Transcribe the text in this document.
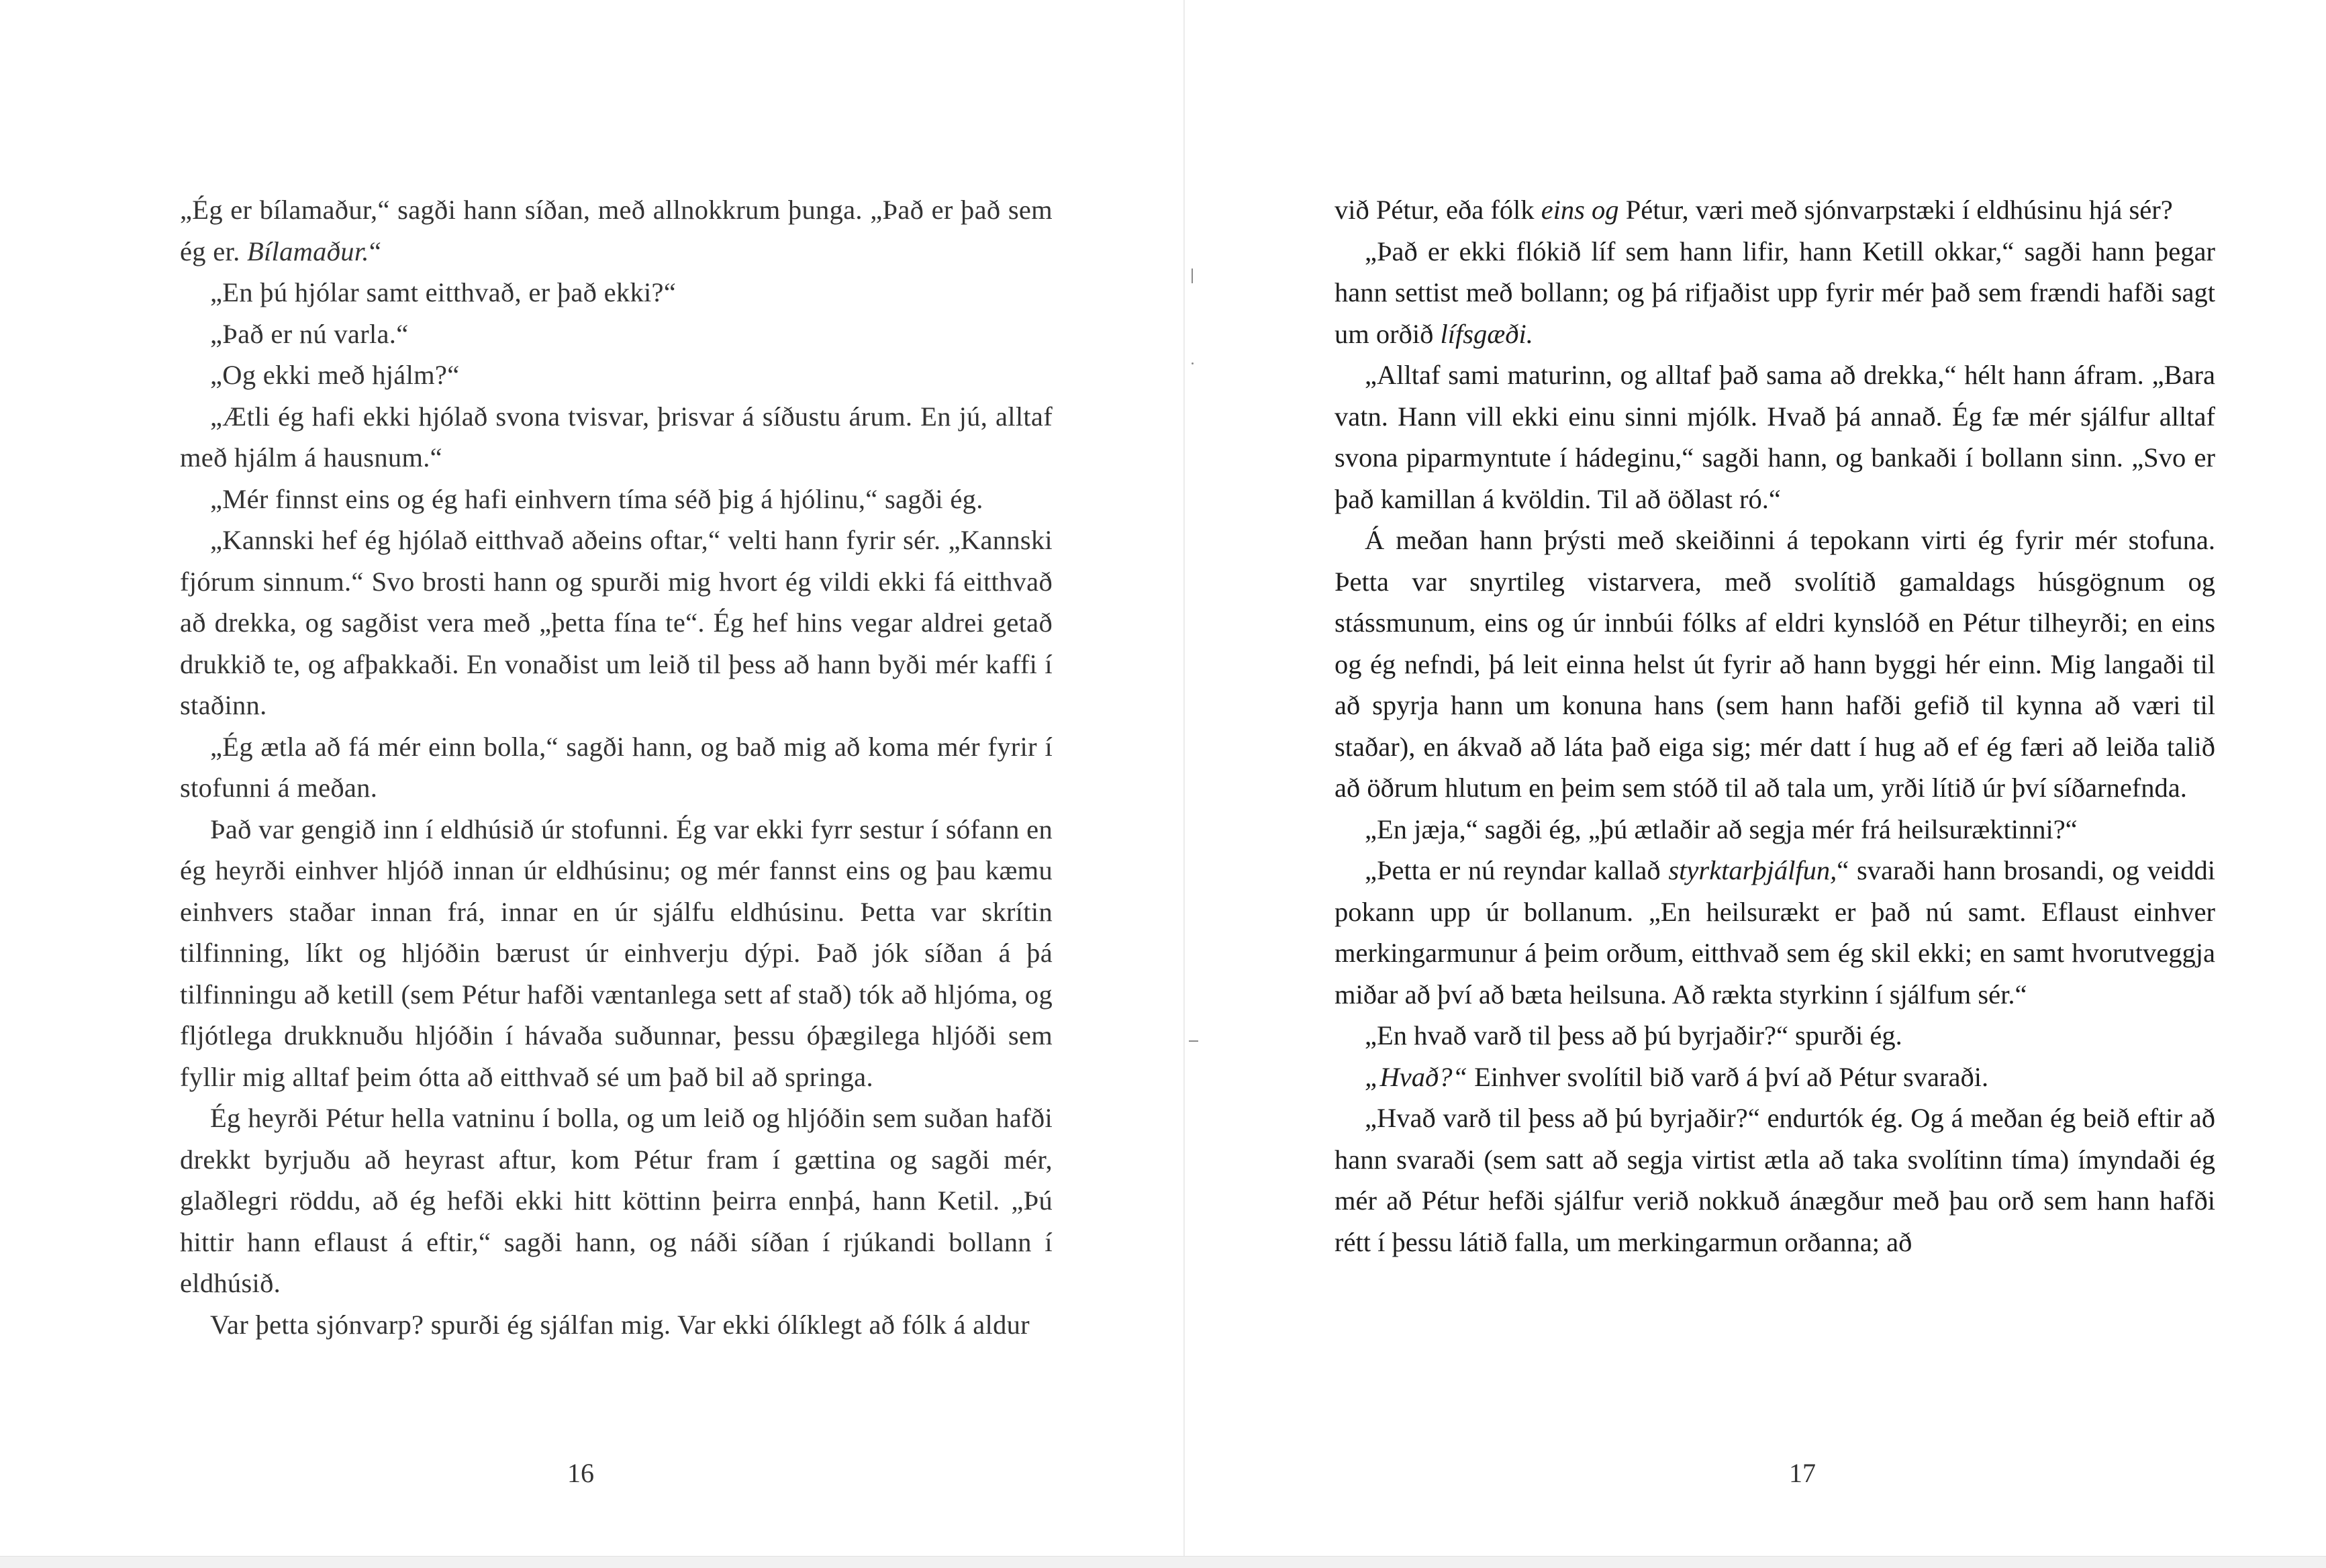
„Ég er bílamaður,“ sagði hann síðan, með allnokkrum þunga. „Það er það sem ég er. Bílamaður.“

„En þú hjólar samt eitthvað, er það ekki?“

„Það er nú varla.“

„Og ekki með hjálm?“

„Ætli ég hafi ekki hjólað svona tvisvar, þrisvar á síðustu árum. En jú, alltaf með hjálm á hausnum.“

„Mér finnst eins og ég hafi einhvern tíma séð þig á hjólinu,“ sagði ég.

„Kannski hef ég hjólað eitthvað aðeins oftar,“ velti hann fyrir sér. „Kannski fjórum sinnum.“ Svo brosti hann og spurði mig hvort ég vildi ekki fá eitthvað að drekka, og sagðist vera með „þetta fína te“. Ég hef hins vegar aldrei getað drukkið te, og afþakkaði. En vonaðist um leið til þess að hann byði mér kaffi í staðinn.

„Ég ætla að fá mér einn bolla,“ sagði hann, og bað mig að koma mér fyrir í stofunni á meðan.

Það var gengið inn í eldhúsið úr stofunni. Ég var ekki fyrr sestur í sófann en ég heyrði einhver hljóð innan úr eldhúsinu; og mér fannst eins og þau kæmu einhvers staðar innan frá, innar en úr sjálfu eldhúsinu. Þetta var skrítin tilfinning, líkt og hljóðin bærust úr einhverju dýpi. Það jók síðan á þá tilfinningu að ketill (sem Pétur hafði væntanlega sett af stað) tók að hljóma, og fljótlega drukknuðu hljóðin í hávaða suðunnar, þessu óþægilega hljóði sem fyllir mig alltaf þeim ótta að eitthvað sé um það bil að springa.

Ég heyrði Pétur hella vatninu í bolla, og um leið og hljóðin sem suðan hafði drekkt byrjuðu að heyrast aftur, kom Pétur fram í gættina og sagði mér, glaðlegri röddu, að ég hefði ekki hitt köttinn þeirra ennþá, hann Ketil. „Þú hittir hann eflaust á eftir,“ sagði hann, og náði síðan í rjúkandi bollann í eldhúsið.

Var þetta sjónvarp? spurði ég sjálfan mig. Var ekki ólíklegt að fólk á aldur

16

við Pétur, eða fólk eins og Pétur, væri með sjónvarpstæki í eldhúsinu hjá sér?

„Það er ekki flókið líf sem hann lifir, hann Ketill okkar,“ sagði hann þegar hann settist með bollann; og þá rifjaðist upp fyrir mér það sem frændi hafði sagt um orðið lífsgæði.

„Alltaf sami maturinn, og alltaf það sama að drekka,“ hélt hann áfram. „Bara vatn. Hann vill ekki einu sinni mjólk. Hvað þá annað. Ég fæ mér sjálfur alltaf svona piparmyntute í hádeginu,“ sagði hann, og bankaði í bollann sinn. „Svo er það kamillan á kvöldin. Til að öðlast ró.“

Á meðan hann þrýsti með skeiðinni á tepokann virti ég fyrir mér stofuna. Þetta var snyrtileg vistarvera, með svolítið gamaldags húsgögnum og stássmunum, eins og úr innbúi fólks af eldri kynslóð en Pétur tilheyrði; en eins og ég nefndi, þá leit einna helst út fyrir að hann byggi hér einn. Mig langaði til að spyrja hann um konuna hans (sem hann hafði gefið til kynna að væri til staðar), en ákvað að láta það eiga sig; mér datt í hug að ef ég færi að leiða talið að öðrum hlutum en þeim sem stóð til að tala um, yrði lítið úr því síðarnefnda.

„En jæja,“ sagði ég, „þú ætlaðir að segja mér frá heilsuræktinni?“

„Þetta er nú reyndar kallað styrktarþjálfun,“ svaraði hann brosandi, og veiddi pokann upp úr bollanum. „En heilsurækt er það nú samt. Eflaust einhver merkingarmunur á þeim orðum, eitthvað sem ég skil ekki; en samt hvorutveggja miðar að því að bæta heilsuna. Að rækta styrkinn í sjálfum sér.“

„En hvað varð til þess að þú byrjaðir?“ spurði ég.

„Hvað?“ Einhver svolítil bið varð á því að Pétur svaraði.

„Hvað varð til þess að þú byrjaðir?“ endurtók ég. Og á meðan ég beið eftir að hann svaraði (sem satt að segja virtist ætla að taka svolítinn tíma) ímyndaði ég mér að Pétur hefði sjálfur verið nokkuð ánægður með þau orð sem hann hafði rétt í þessu látið falla, um merkingarmun orðanna; að

17
